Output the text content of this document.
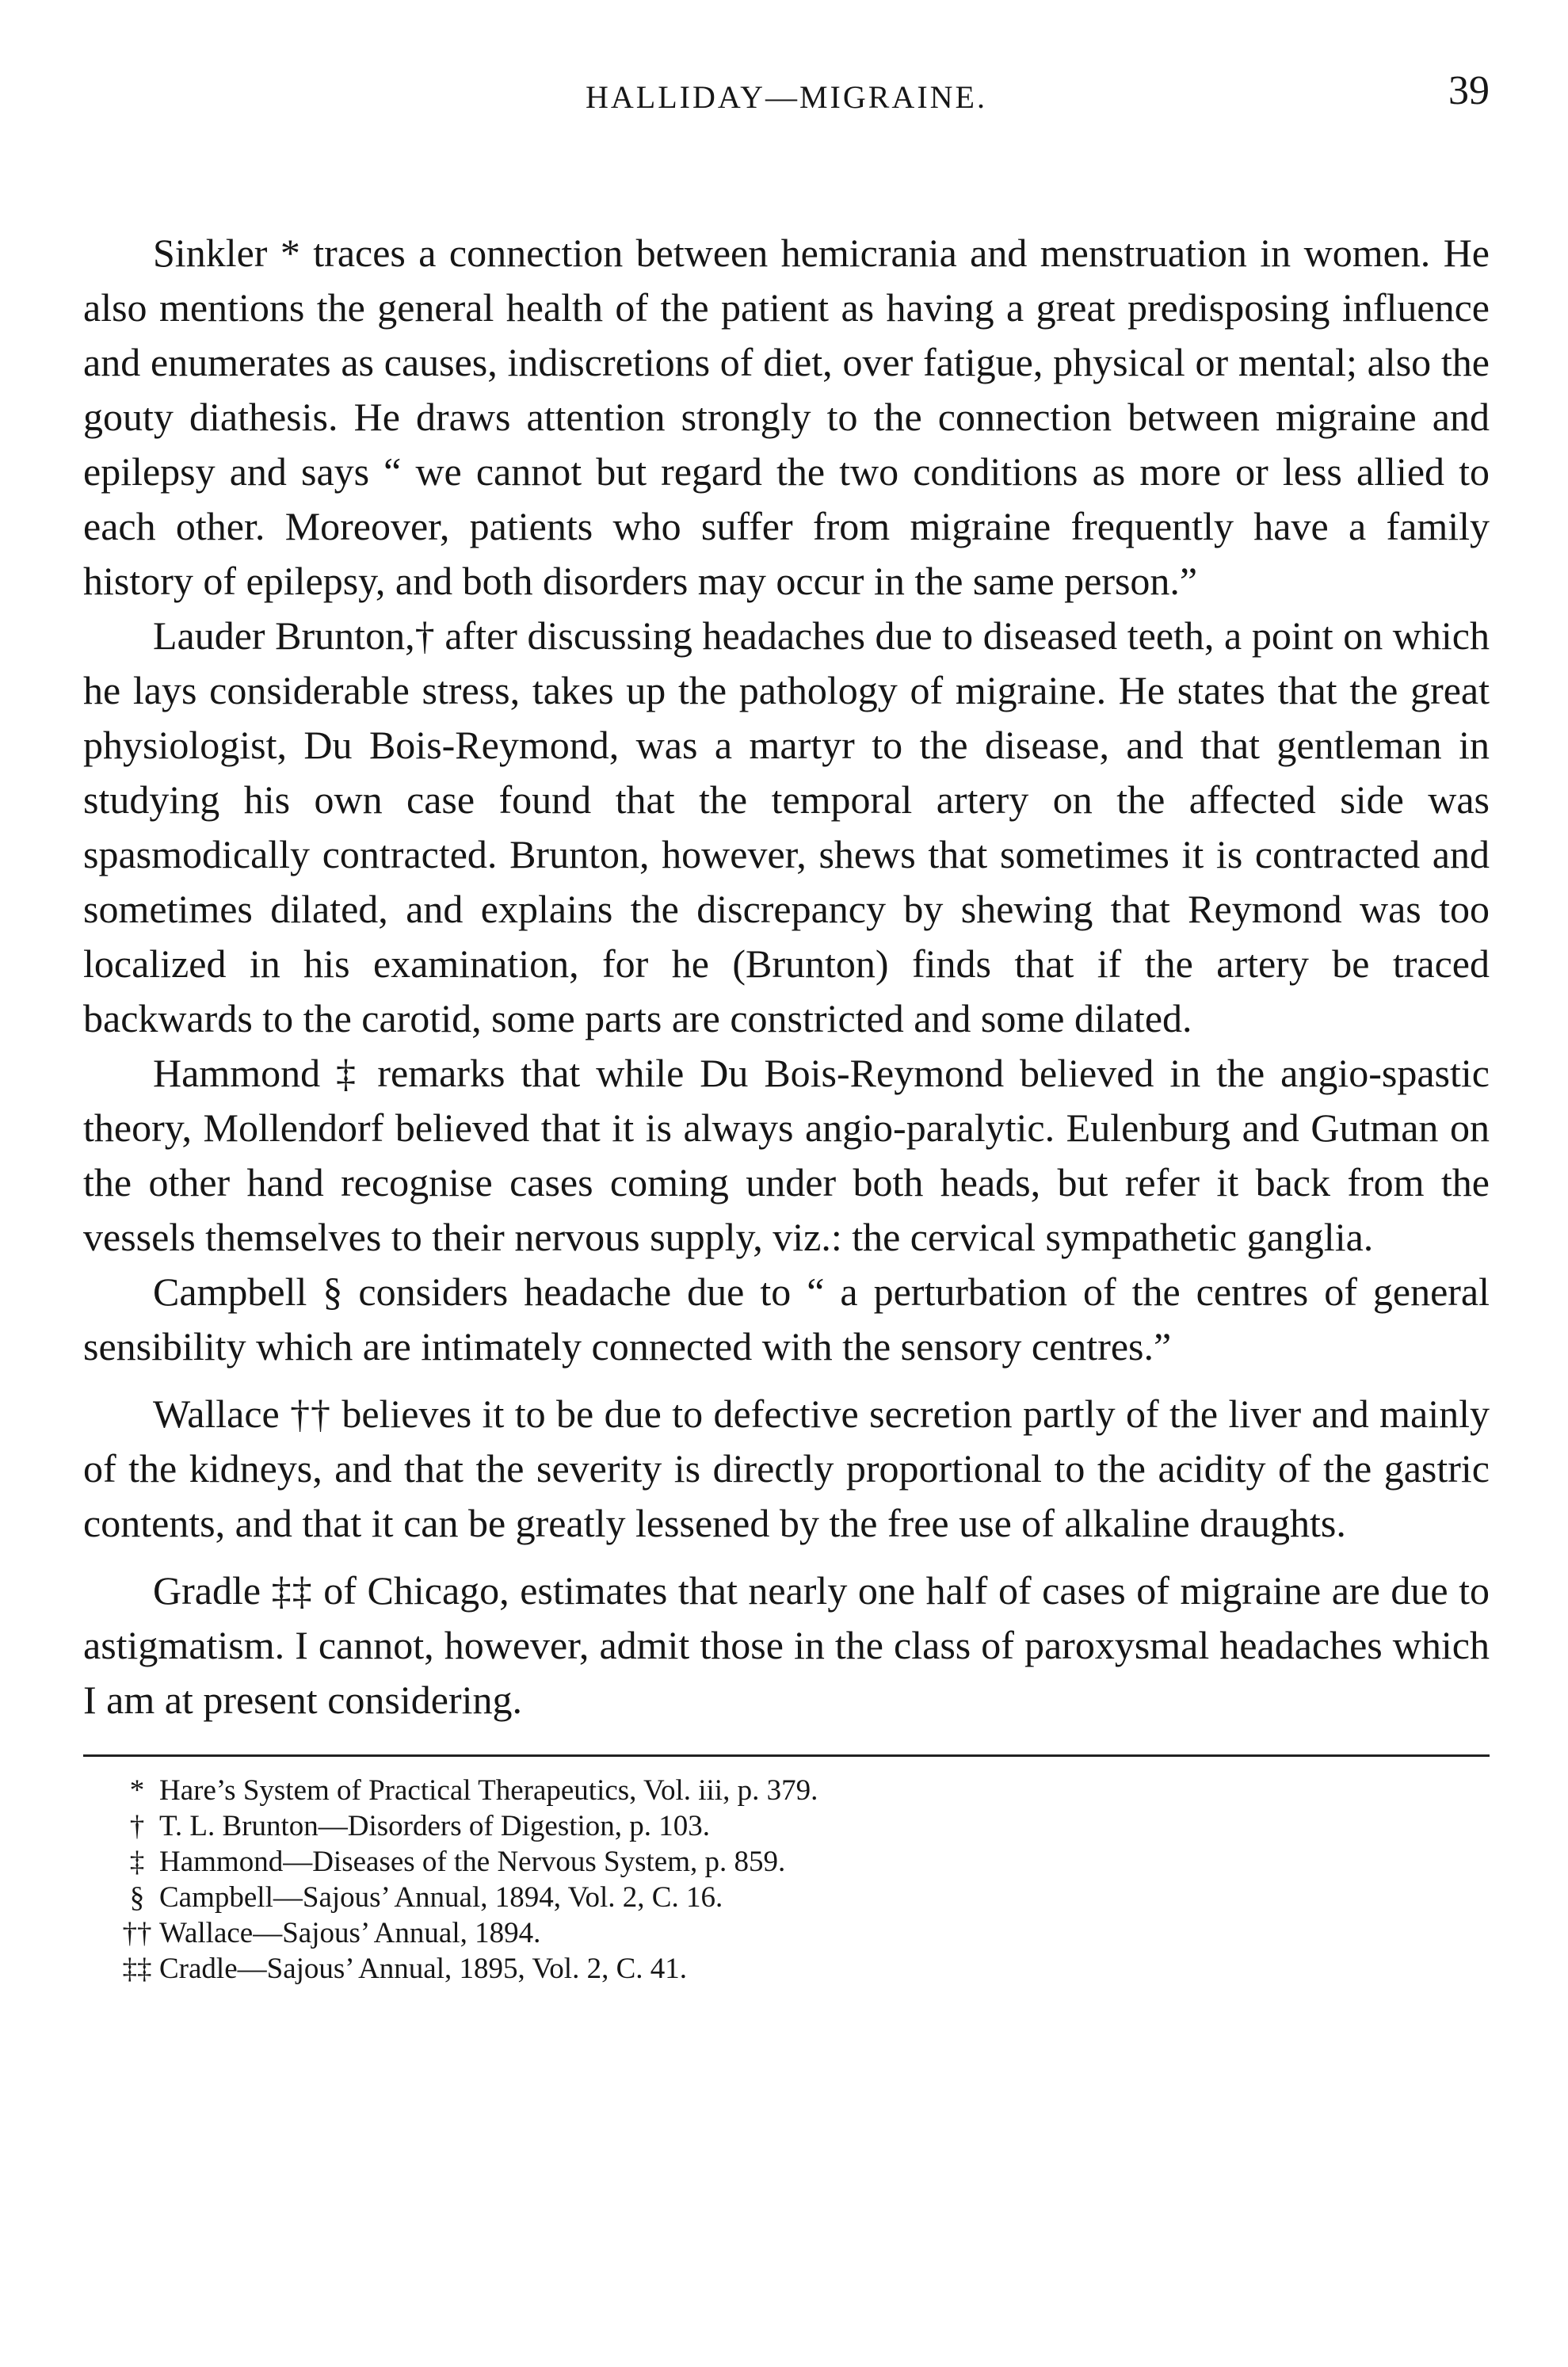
HALLIDAY—MIGRAINE.	39

Sinkler * traces a connection between hemicrania and menstruation in women. He also mentions the general health of the patient as having a great predisposing influence and enumerates as causes, indiscretions of diet, over fatigue, physical or mental; also the gouty diathesis. He draws attention strongly to the connection between migraine and epilepsy and says “ we cannot but regard the two conditions as more or less allied to each other. Moreover, patients who suffer from migraine frequently have a family history of epilepsy, and both disorders may occur in the same person.”

Lauder Brunton,† after discussing headaches due to diseased teeth, a point on which he lays considerable stress, takes up the pathology of migraine. He states that the great physiologist, Du Bois-Reymond, was a martyr to the disease, and that gentleman in studying his own case found that the temporal artery on the affected side was spasmodically contracted. Brunton, however, shews that sometimes it is contracted and sometimes dilated, and explains the discrepancy by shewing that Reymond was too localized in his examination, for he (Brunton) finds that if the artery be traced backwards to the carotid, some parts are constricted and some dilated.

Hammond ‡ remarks that while Du Bois-Reymond believed in the angio-spastic theory, Mollendorf believed that it is always angio-paralytic. Eulenburg and Gutman on the other hand recognise cases coming under both heads, but refer it back from the vessels themselves to their nervous supply, viz.: the cervical sympathetic ganglia.

Campbell § considers headache due to “ a perturbation of the centres of general sensibility which are intimately connected with the sensory centres.”

Wallace †† believes it to be due to defective secretion partly of the liver and mainly of the kidneys, and that the severity is directly proportional to the acidity of the gastric contents, and that it can be greatly lessened by the free use of alkaline draughts.

Gradle ‡‡ of Chicago, estimates that nearly one half of cases of migraine are due to astigmatism. I cannot, however, admit those in the class of paroxysmal headaches which I am at present considering.

* Hare’s System of Practical Therapeutics, Vol. iii, p. 379.
† T. L. Brunton—Disorders of Digestion, p. 103.
‡ Hammond—Diseases of the Nervous System, p. 859.
§ Campbell—Sajous’ Annual, 1894, Vol. 2, C. 16.
†† Wallace—Sajous’ Annual, 1894.
‡‡ Cradle—Sajous’ Annual, 1895, Vol. 2, C. 41.
